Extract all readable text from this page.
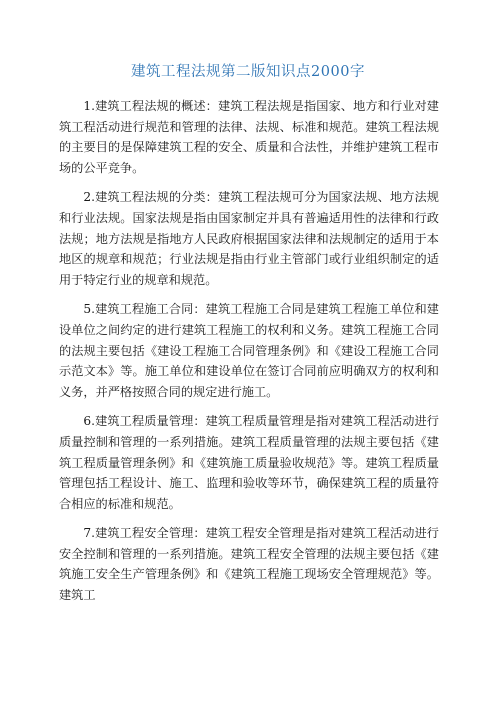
建筑工程法规第二版知识点2000字

1.建筑工程法规的概述：建筑工程法规是指国家、地方和行业对建筑工程活动进行规范和管理的法律、法规、标准和规范。建筑工程法规的主要目的是保障建筑工程的安全、质量和合法性，并维护建筑工程市场的公平竞争。

2.建筑工程法规的分类：建筑工程法规可分为国家法规、地方法规和行业法规。国家法规是指由国家制定并具有普遍适用性的法律和行政法规；地方法规是指地方人民政府根据国家法律和法规制定的适用于本地区的规章和规范；行业法规是指由行业主管部门或行业组织制定的适用于特定行业的规章和规范。

5.建筑工程施工合同：建筑工程施工合同是建筑工程施工单位和建设单位之间约定的进行建筑工程施工的权利和义务。建筑工程施工合同的法规主要包括《建设工程施工合同管理条例》和《建设工程施工合同示范文本》等。施工单位和建设单位在签订合同前应明确双方的权利和义务，并严格按照合同的规定进行施工。

6.建筑工程质量管理：建筑工程质量管理是指对建筑工程活动进行质量控制和管理的一系列措施。建筑工程质量管理的法规主要包括《建筑工程质量管理条例》和《建筑施工质量验收规范》等。建筑工程质量管理包括工程设计、施工、监理和验收等环节，确保建筑工程的质量符合相应的标准和规范。

7.建筑工程安全管理：建筑工程安全管理是指对建筑工程活动进行安全控制和管理的一系列措施。建筑工程安全管理的法规主要包括《建筑施工安全生产管理条例》和《建筑工程施工现场安全管理规范》等。建筑工
